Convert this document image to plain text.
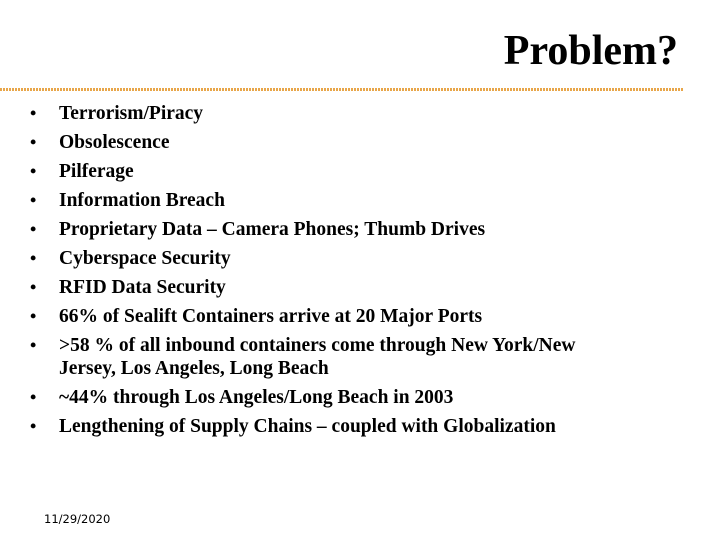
Problem?
•	Terrorism/Piracy
•	Obsolescence
•	Pilferage
•	Information Breach
•	Proprietary Data – Camera Phones; Thumb Drives
•	Cyberspace Security
•	RFID Data Security
•	66% of Sealift Containers arrive at 20 Major Ports
•	>58 % of all inbound containers come through New York/New Jersey, Los Angeles, Long Beach
•	~44% through Los Angeles/Long Beach in 2003
•	Lengthening of Supply Chains – coupled with Globalization
11/29/2020
